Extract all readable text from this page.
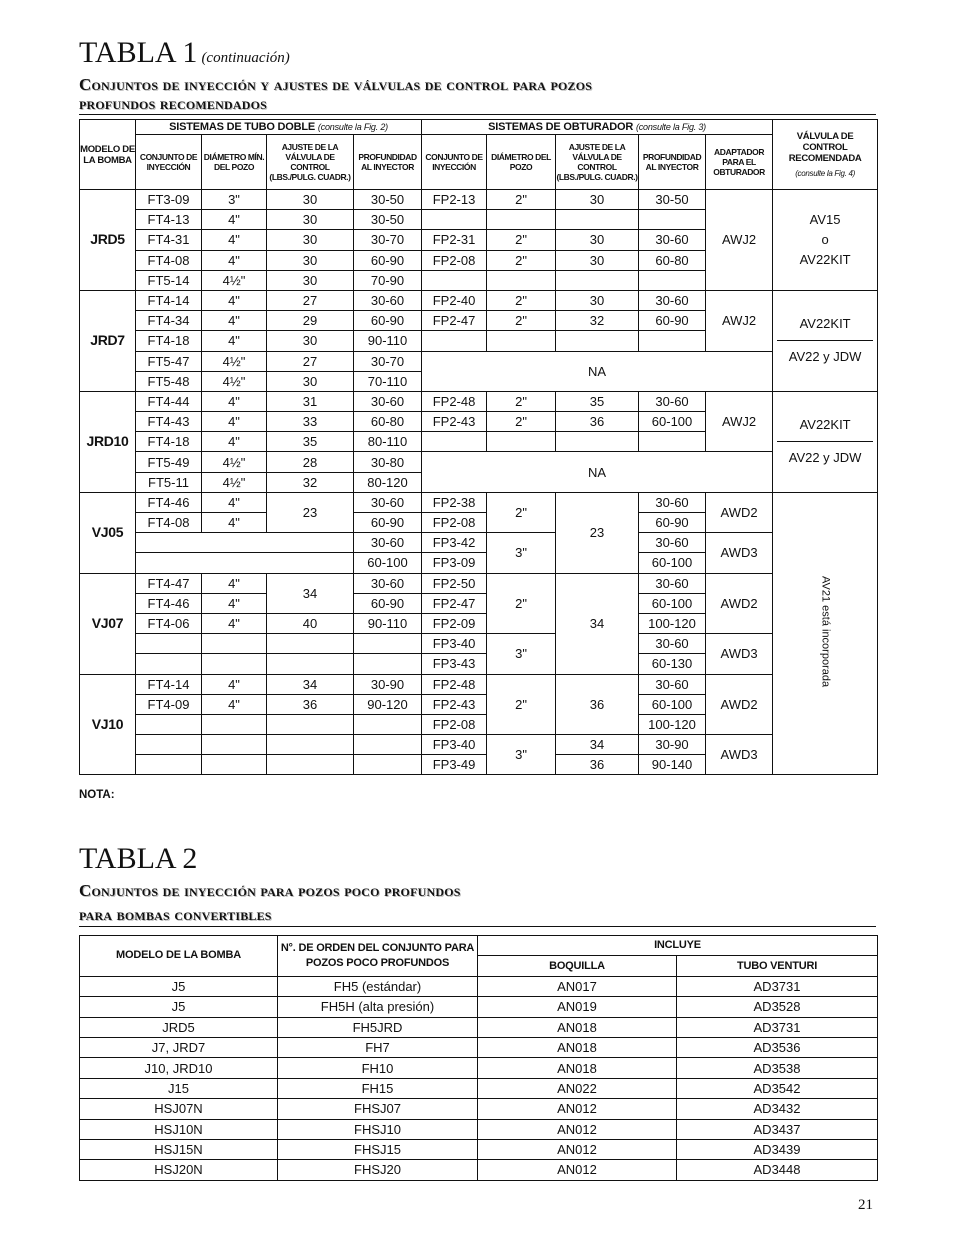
TABLA 1 (continuación)
Conjuntos de inyección y ajustes de válvulas de control para pozos
profundos recomendados
MODELO DE LA BOMBA	SISTEMAS DE TUBO DOBLE (consulte la Fig. 2)				SISTEMAS DE OBTURADOR (consulte la Fig. 3)					VÁLVULA DE CONTROL RECOMENDADA
(consulte la Fig. 4)

	CONJUNTO DE INYECCIÓN	DIÁMETRO MÍN. DEL POZO	AJUSTE DE LA VÁLVULA DE CONTROL (LBS./PULG. CUADR.)	PROFUNDIDAD AL INYECTOR	CONJUNTO DE INYECCIÓN	DIÁMETRO DEL POZO	AJUSTE DE LA VÁLVULA DE CONTROL (LBS./PULG. CUADR.)	PROFUNDIDAD AL INYECTOR	ADAPTADOR PARA EL OBTURADOR	
JRD5	FT3-09	3"	30	30-50	FP2-13	2"	30	30-50	AWJ2	AV15
o
AV22KIT

	FT4-13	4"	30	30-50						
	FT4-31	4"	30	30-70	FP2-31	2"	30	30-60		
	FT4-08	4"	30	60-90	FP2-08	2"	30	60-80		
	FT5-14	4½"	30	70-90						
JRD7	FT4-14	4"	27	30-60	FP2-40	2"	30	30-60	AWJ2	AV22KIT
AV22 y JDW

	FT4-34	4"	29	60-90	FP2-47	2"	32	60-90		
	FT4-18	4"	30	90-110						
	FT5-47	4½"	27	30-70	NA					
	FT5-48	4½"	30	70-110						
JRD10	FT4-44	4"	31	30-60	FP2-48	2"	35	30-60	AWJ2	AV22KIT
AV22 y JDW

	FT4-43	4"	33	60-80	FP2-43	2"	36	60-100		
	FT4-18	4"	35	80-110						
	FT5-49	4½"	28	30-80	NA					
	FT5-11	4½"	32	80-120						
VJ05	FT4-46	4"	23	30-60	FP2-38	2"	23	30-60	AWD2	AV21 está incorporada
	FT4-08	4"		60-90	FP2-08			60-90		
				30-60	FP3-42	3"		30-60	AWD3	
				60-100	FP3-09			60-100		
VJ07	FT4-47	4"	34	30-60	FP2-50	2"	34	30-60	AWD2	
	FT4-46	4"		60-90	FP2-47			60-100		
	FT4-06	4"	40	90-110	FP2-09			100-120		
					FP3-40	3"		30-60	AWD3	
					FP3-43			60-130		
VJ10	FT4-14	4"	34	30-90	FP2-48	2"	36	30-60	AWD2	
	FT4-09	4"	36	90-120	FP2-43			60-100		
					FP2-08			100-120		
					FP3-40	3"	34	30-90	AWD3	
					FP3-49		36	90-140		
NOTA:
TABLA 2
Conjuntos de inyección para pozos poco profundos
para bombas convertibles
MODELO DE LA BOMBA	N°. DE ORDEN DEL CONJUNTO PARA POZOS POCO PROFUNDOS	INCLUYE	
		BOQUILLA	TUBO VENTURI
J5	FH5 (estándar)	AN017	AD3731
J5	FH5H (alta presión)	AN019	AD3528
JRD5	FH5JRD	AN018	AD3731
J7, JRD7	FH7	AN018	AD3536
J10, JRD10	FH10	AN018	AD3538
J15	FH15	AN022	AD3542
HSJ07N	FHSJ07	AN012	AD3432
HSJ10N	FHSJ10	AN012	AD3437
HSJ15N	FHSJ15	AN012	AD3439
HSJ20N	FHSJ20	AN012	AD3448
21
